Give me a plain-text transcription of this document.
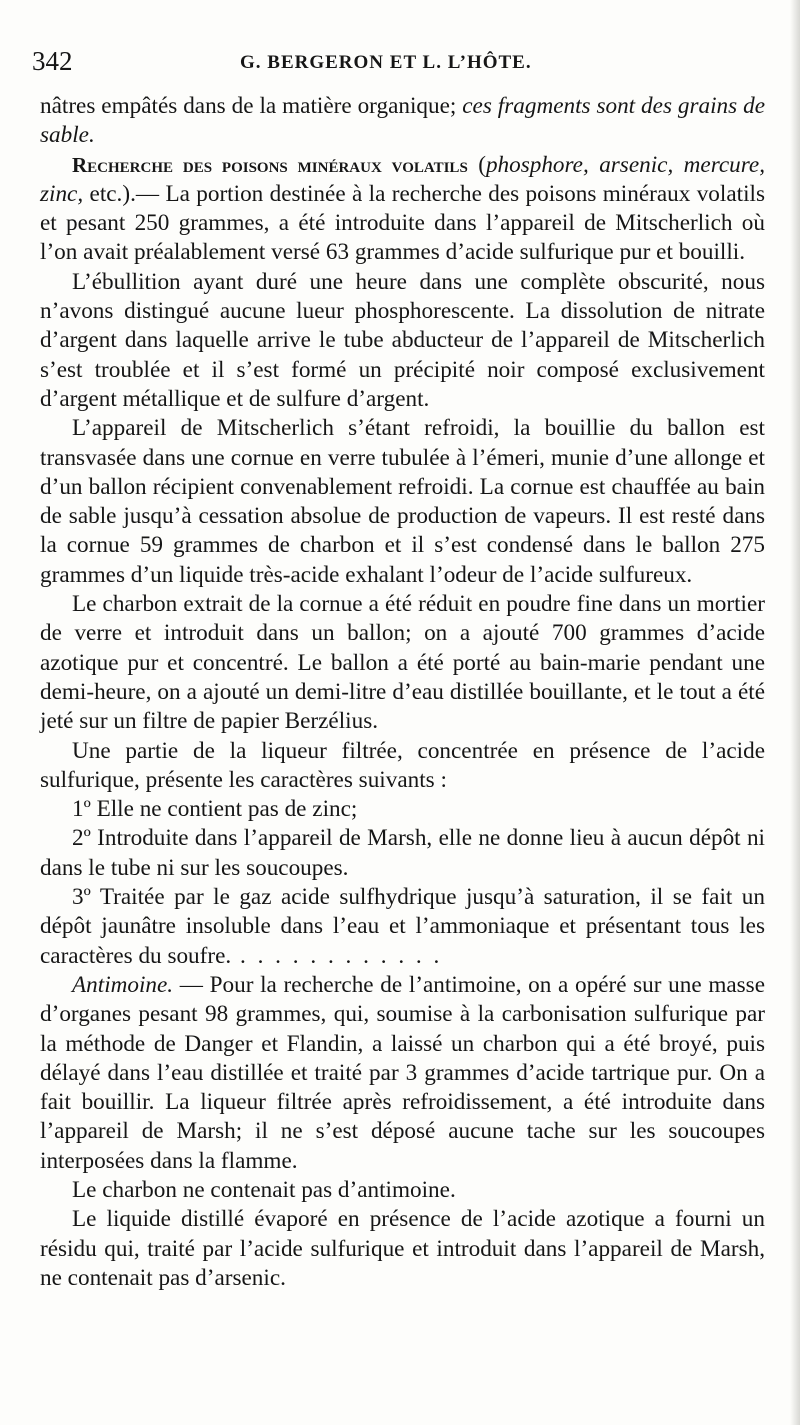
342	G. BERGERON ET L. L’HÔTE.

nâtres empâtés dans de la matière organique; ces fragments sont des grains de sable.

Recherche des poisons minéraux volatils (phosphore, arsenic, mercure, zinc, etc.).— La portion destinée à la recherche des poisons minéraux volatils et pesant 250 grammes, a été introduite dans l’appareil de Mitscherlich où l’on avait préalablement versé 63 grammes d’acide sulfurique pur et bouilli.

L’ébullition ayant duré une heure dans une complète obscurité, nous n’avons distingué aucune lueur phosphorescente. La dissolution de nitrate d’argent dans laquelle arrive le tube abducteur de l’appareil de Mitscherlich s’est troublée et il s’est formé un précipité noir composé exclusivement d’argent métallique et de sulfure d’argent.

L’appareil de Mitscherlich s’étant refroidi, la bouillie du ballon est transvasée dans une cornue en verre tubulée à l’émeri, munie d’une allonge et d’un ballon récipient convenablement refroidi. La cornue est chauffée au bain de sable jusqu’à cessation absolue de production de vapeurs. Il est resté dans la cornue 59 grammes de charbon et il s’est condensé dans le ballon 275 grammes d’un liquide très-acide exhalant l’odeur de l’acide sulfureux.

Le charbon extrait de la cornue a été réduit en poudre fine dans un mortier de verre et introduit dans un ballon; on a ajouté 700 grammes d’acide azotique pur et concentré. Le ballon a été porté au bain-marie pendant une demi-heure, on a ajouté un demi-litre d’eau distillée bouillante, et le tout a été jeté sur un filtre de papier Berzélius.

Une partie de la liqueur filtrée, concentrée en présence de l’acide sulfurique, présente les caractères suivants :

1º Elle ne contient pas de zinc;

2º Introduite dans l’appareil de Marsh, elle ne donne lieu à aucun dépôt ni dans le tube ni sur les soucoupes.

3º Traitée par le gaz acide sulfhydrique jusqu’à saturation, il se fait un dépôt jaunâtre insoluble dans l’eau et l’ammoniaque et présentant tous les caractères du soufre. . . . . . . . . . . . .

Antimoine. — Pour la recherche de l’antimoine, on a opéré sur une masse d’organes pesant 98 grammes, qui, soumise à la carbonisation sulfurique par la méthode de Danger et Flandin, a laissé un charbon qui a été broyé, puis délayé dans l’eau distillée et traité par 3 grammes d’acide tartrique pur. On a fait bouillir. La liqueur filtrée après refroidissement, a été introduite dans l’appareil de Marsh; il ne s’est déposé aucune tache sur les soucoupes interposées dans la flamme.

Le charbon ne contenait pas d’antimoine.

Le liquide distillé évaporé en présence de l’acide azotique a fourni un résidu qui, traité par l’acide sulfurique et introduit dans l’appareil de Marsh, ne contenait pas d’arsenic.
